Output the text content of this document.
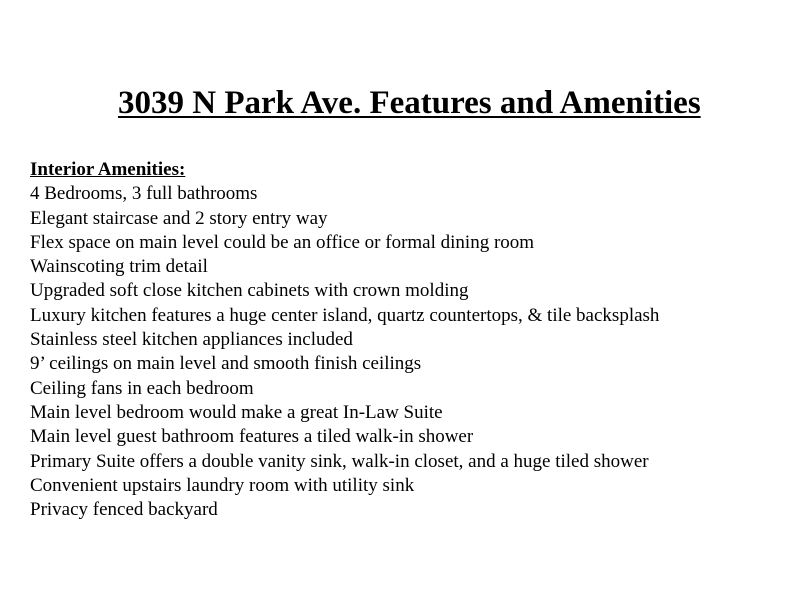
3039 N Park Ave. Features and Amenities

Interior Amenities:

4 Bedrooms, 3 full bathrooms
Elegant staircase and 2 story entry way
Flex space on main level could be an office or formal dining room
Wainscoting trim detail
Upgraded soft close kitchen cabinets with crown molding
Luxury kitchen features a huge center island, quartz countertops, & tile backsplash
Stainless steel kitchen appliances included
9’ ceilings on main level and smooth finish ceilings
Ceiling fans in each bedroom
Main level bedroom would make a great In-Law Suite
Main level guest bathroom features a tiled walk-in shower
Primary Suite offers a double vanity sink, walk-in closet, and a huge tiled shower
Convenient upstairs laundry room with utility sink
Privacy fenced backyard
